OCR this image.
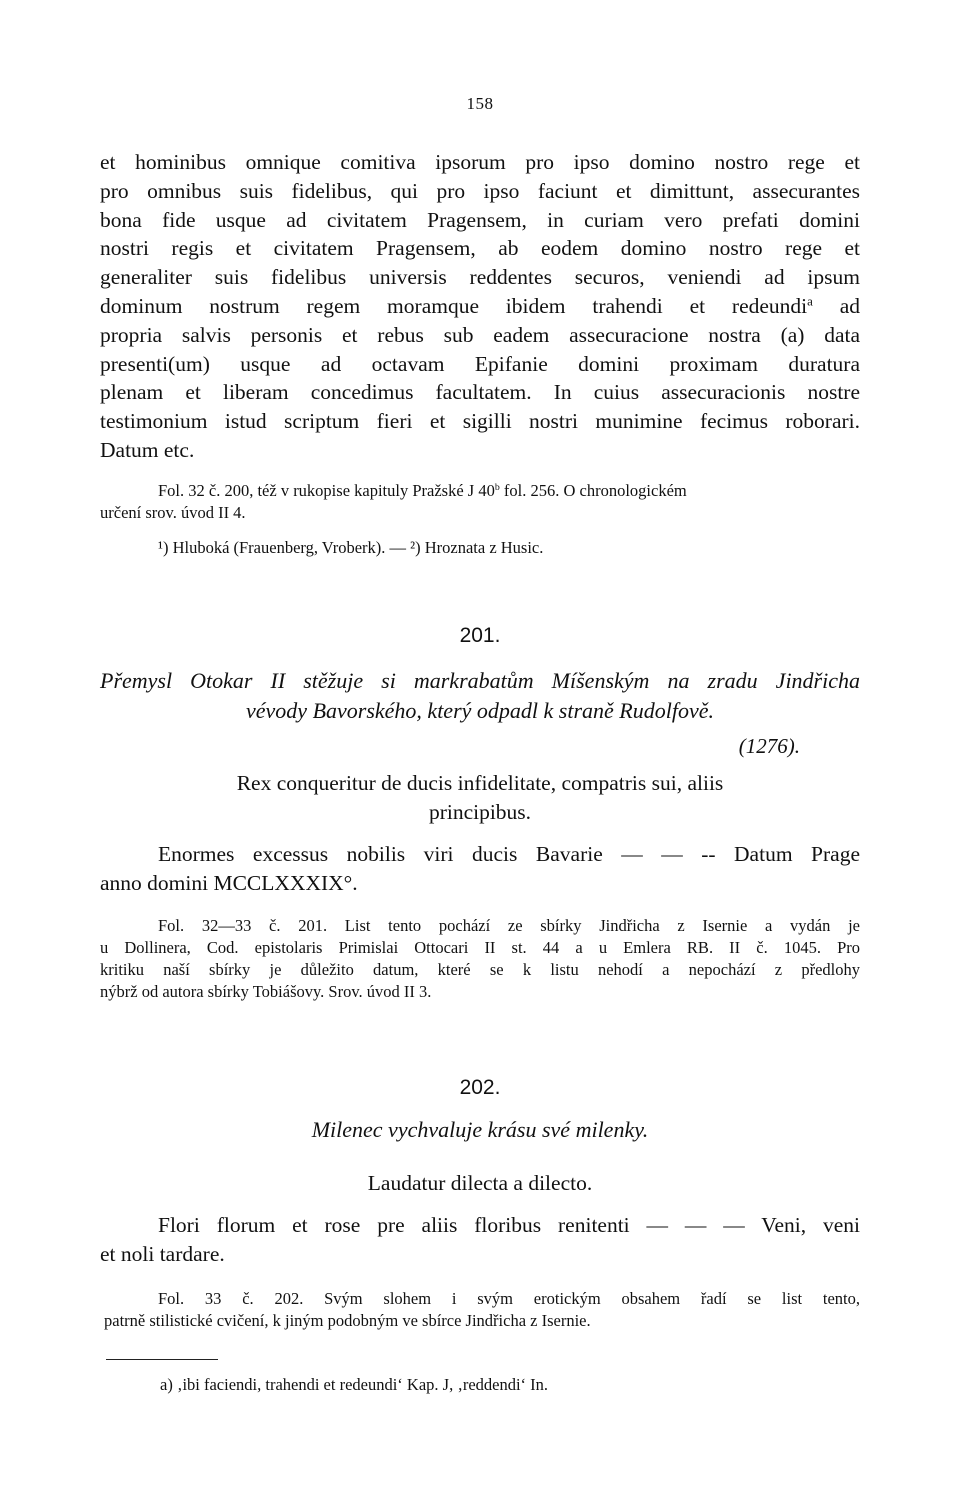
158
et hominibus omnique comitiva ipsorum pro ipso domino nostro rege et
pro omnibus suis fidelibus, qui pro ipso faciunt et dimittunt, assecurantes
bona fide usque ad civitatem Pragensem, in curiam vero prefati domini
nostri regis et civitatem Pragensem, ab eodem domino nostro rege et
generaliter suis fidelibus universis reddentes securos, veniendi ad ipsum
dominum nostrum regem moramque ibidem trahendi et redeundi$^a$ ad
propria salvis personis et rebus sub eadem assecuracione nostra (a) data
presenti(um) usque ad octavam Epifanie domini proximam duratura
plenam et liberam concedimus facultatem. In cuius assecuracionis nostre
testimonium istud scriptum fieri et sigilli nostri munimine fecimus roborari.
Datum etc.
Fol. 32 č. 200, též v rukopise kapituly Pražské J 40$^b$ fol. 256. O chronologickém
určení srov. úvod II 4.
¹) Hluboká (Frauenberg, Vroberk). — ²) Hroznata z Husic.
201.
Přemysl Otokar II stěžuje si markrabatům Míšenským na zradu Jindřicha
vévody Bavorského, který odpadl k straně Rudolfově.
(1276).
Rex conqueritur de ducis infidelitate, compatris sui, aliis
principibus.
Enormes excessus nobilis viri ducis Bavarie — — -- Datum Prage
anno domini MCCLXXXIX°.
Fol. 32—33 č. 201. List tento pochází ze sbírky Jindřicha z Isernie a vydán je
u Dollinera, Cod. epistolaris Primislai Ottocari II st. 44 a u Emlera RB. II č. 1045. Pro
kritiku naší sbírky je důležito datum, které se k listu nehodí a nepochází z předlohy
nýbrž od autora sbírky Tobiášovy. Srov. úvod II 3.
202.
Milenec vychvaluje krásu své milenky.
Laudatur dilecta a dilecto.
Flori florum et rose pre aliis floribus renitenti — — — Veni, veni
et noli tardare.
Fol. 33 č. 202. Svým slohem i svým erotickým obsahem řadí se list tento,
patrně stilistické cvičení, k jiným podobným ve sbírce Jindřicha z Isernie.
a) ‚ibi faciendi, trahendi et redeundi‘ Kap. J, ‚reddendi‘ In.
